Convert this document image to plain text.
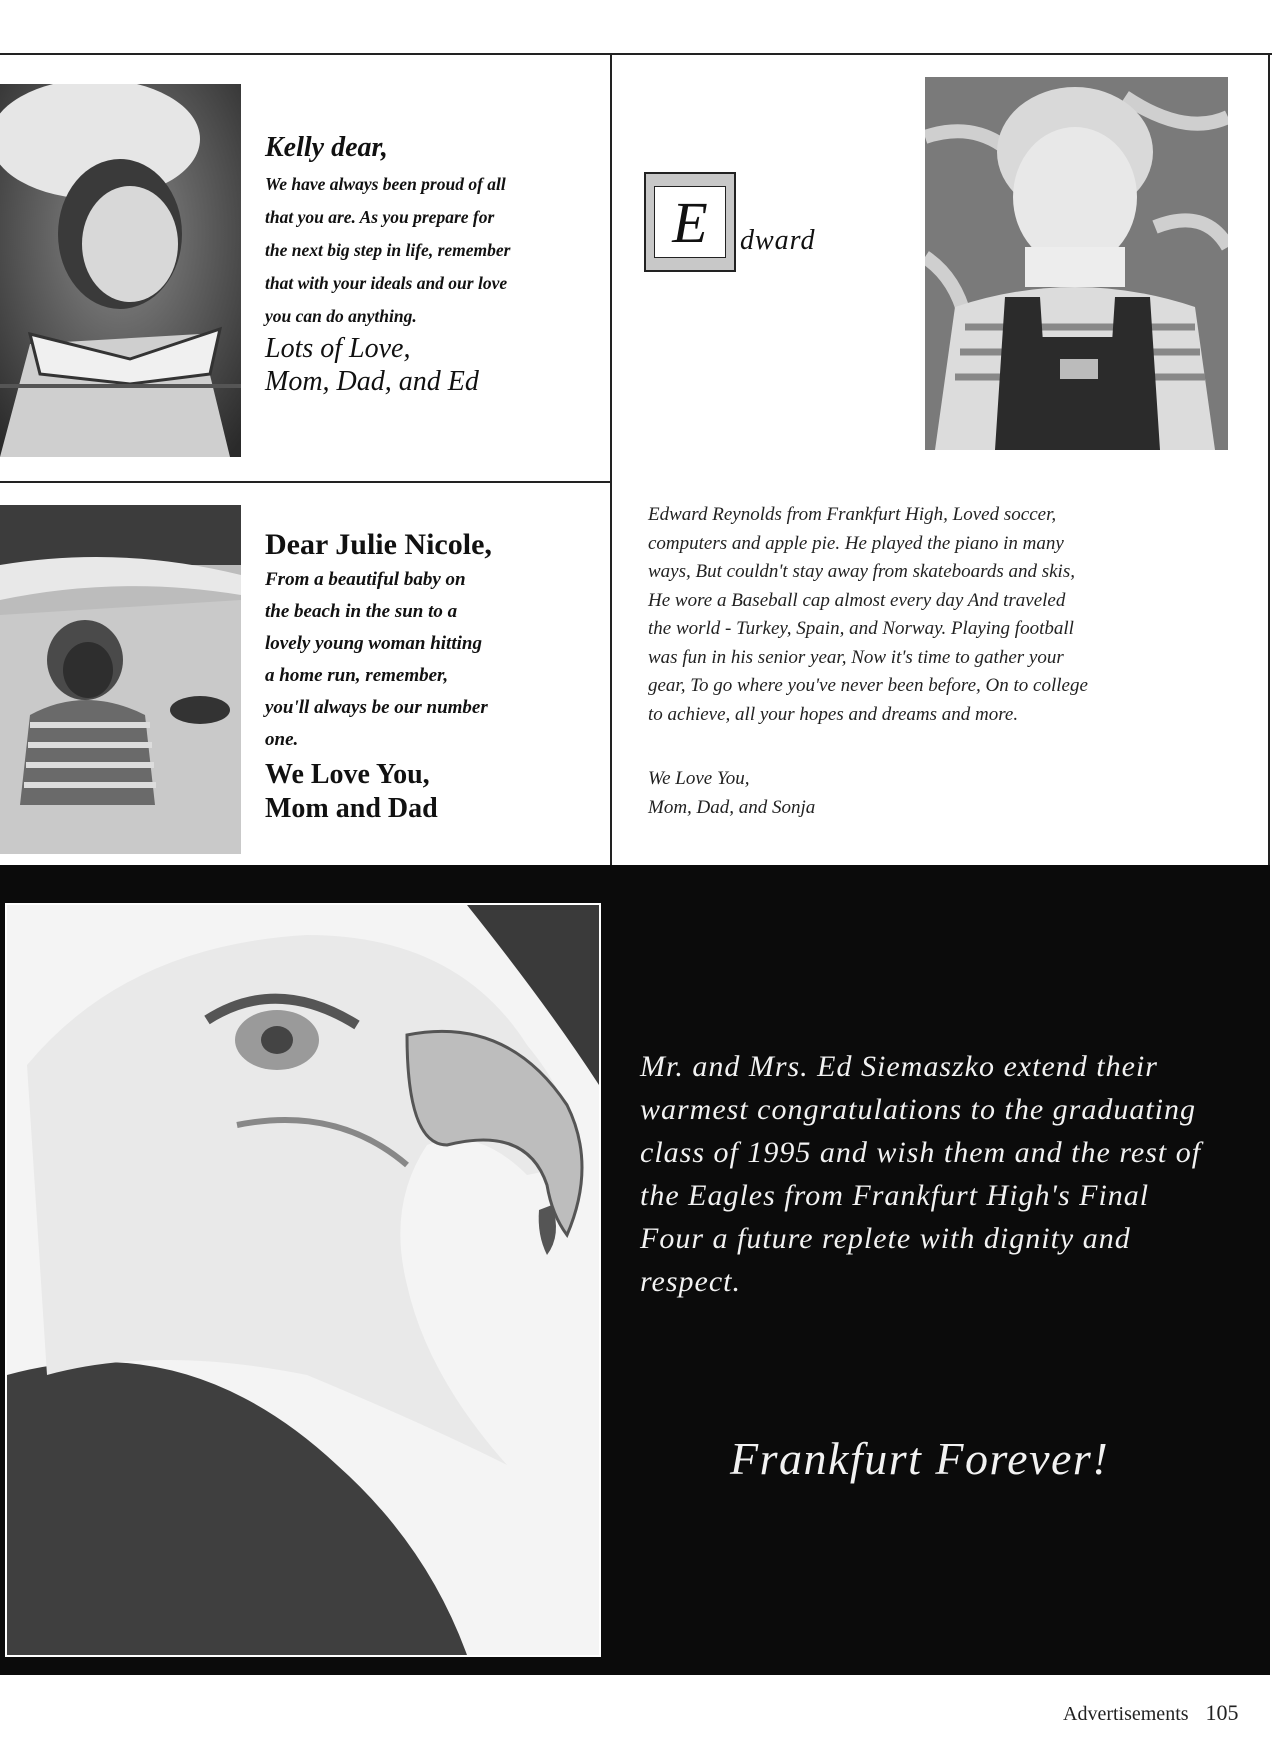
Kelly dear,
We have always been proud of all
that you are. As you prepare for
the next big step in life, remember
that with your ideals and our love
you can do anything.
Lots of Love,
Mom, Dad, and Ed
Dear Julie Nicole,
From a beautiful baby on
the beach in the sun to a
lovely young woman hitting
a home run, remember,
you'll always be our number
one.
We Love You,
Mom and Dad
E	dward
Edward Reynolds from Frankfurt High, Loved soccer,
computers and apple pie. He played the piano in many
ways, But couldn't stay away from skateboards and skis,
He wore a Baseball cap almost every day And traveled
the world - Turkey, Spain, and Norway. Playing football
was fun in his senior year, Now it's time to gather your
gear, To go where you've never been before, On to college
to achieve, all your hopes and dreams and more.
We Love You,
Mom, Dad, and Sonja
Mr. and Mrs. Ed Siemaszko extend their
warmest congratulations to the graduating
class of 1995 and wish them and the rest of
the Eagles from Frankfurt High's Final
Four a future replete with dignity and
respect.
Frankfurt Forever!
Advertisements 105
